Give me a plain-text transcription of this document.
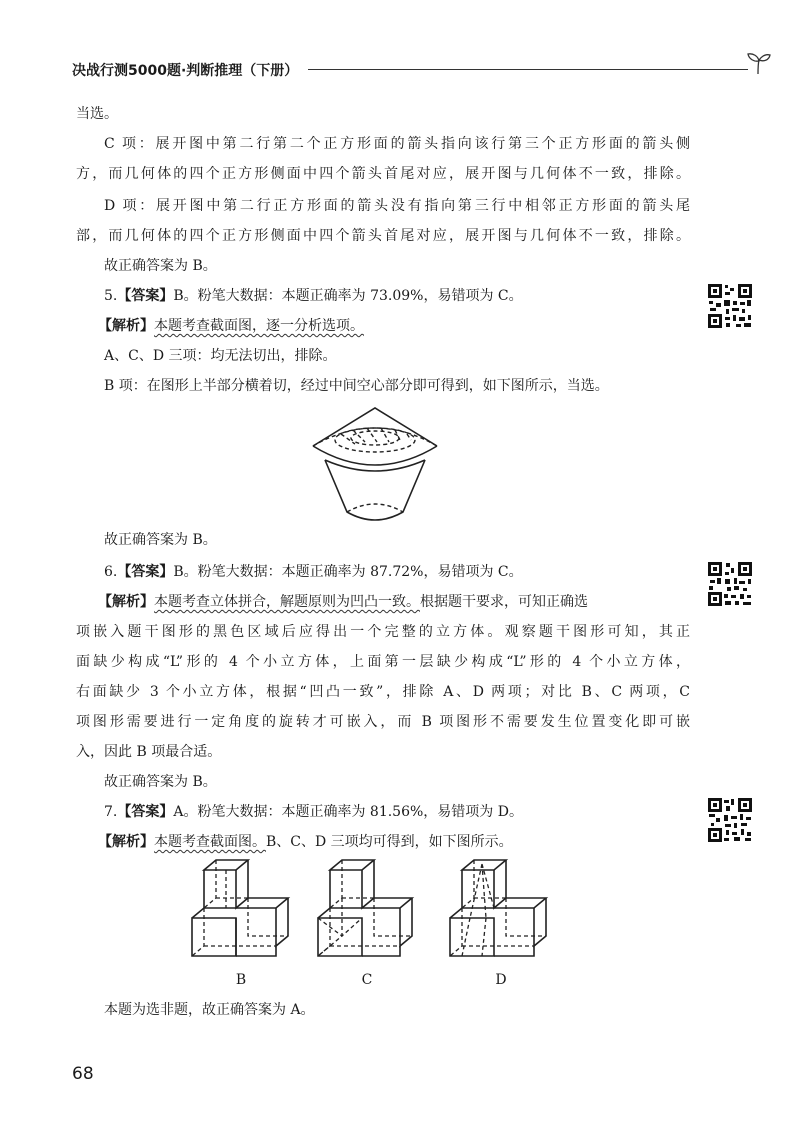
决战行测5000题·判断推理（下册）
当选。
C 项：展开图中第二行第二个正方形面的箭头指向该行第三个正方形面的箭头侧
方，而几何体的四个正方形侧面中四个箭头首尾对应，展开图与几何体不一致，排除。
D 项：展开图中第二行正方形面的箭头没有指向第三行中相邻正方形面的箭头尾
部，而几何体的四个正方形侧面中四个箭头首尾对应，展开图与几何体不一致，排除。
故正确答案为 B。
5.【答案】B。粉笔大数据：本题正确率为 73.09%，易错项为 C。
【解析】本题考查截面图，逐一分析选项。
A、C、D 三项：均无法切出，排除。
B 项：在图形上半部分横着切，经过中间空心部分即可得到，如下图所示，当选。
故正确答案为 B。
6.【答案】B。粉笔大数据：本题正确率为 87.72%，易错项为 C。
【解析】本题考查立体拼合，解题原则为凹凸一致。根据题干要求，可知正确选
项嵌入题干图形的黑色区域后应得出一个完整的立方体。观察题干图形可知，其正
面缺少构成“L”形的 4 个小立方体，上面第一层缺少构成“L”形的 4 个小立方体，
右面缺少 3 个小立方体，根据“凹凸一致”，排除 A、D 两项；对比 B、C 两项，C
项图形需要进行一定角度的旋转才可嵌入，而 B 项图形不需要发生位置变化即可嵌
入，因此 B 项最合适。
故正确答案为 B。
7.【答案】A。粉笔大数据：本题正确率为 81.56%，易错项为 D。
【解析】本题考查截面图。B、C、D 三项均可得到，如下图所示。
B	C	D
本题为选非题，故正确答案为 A。
68
